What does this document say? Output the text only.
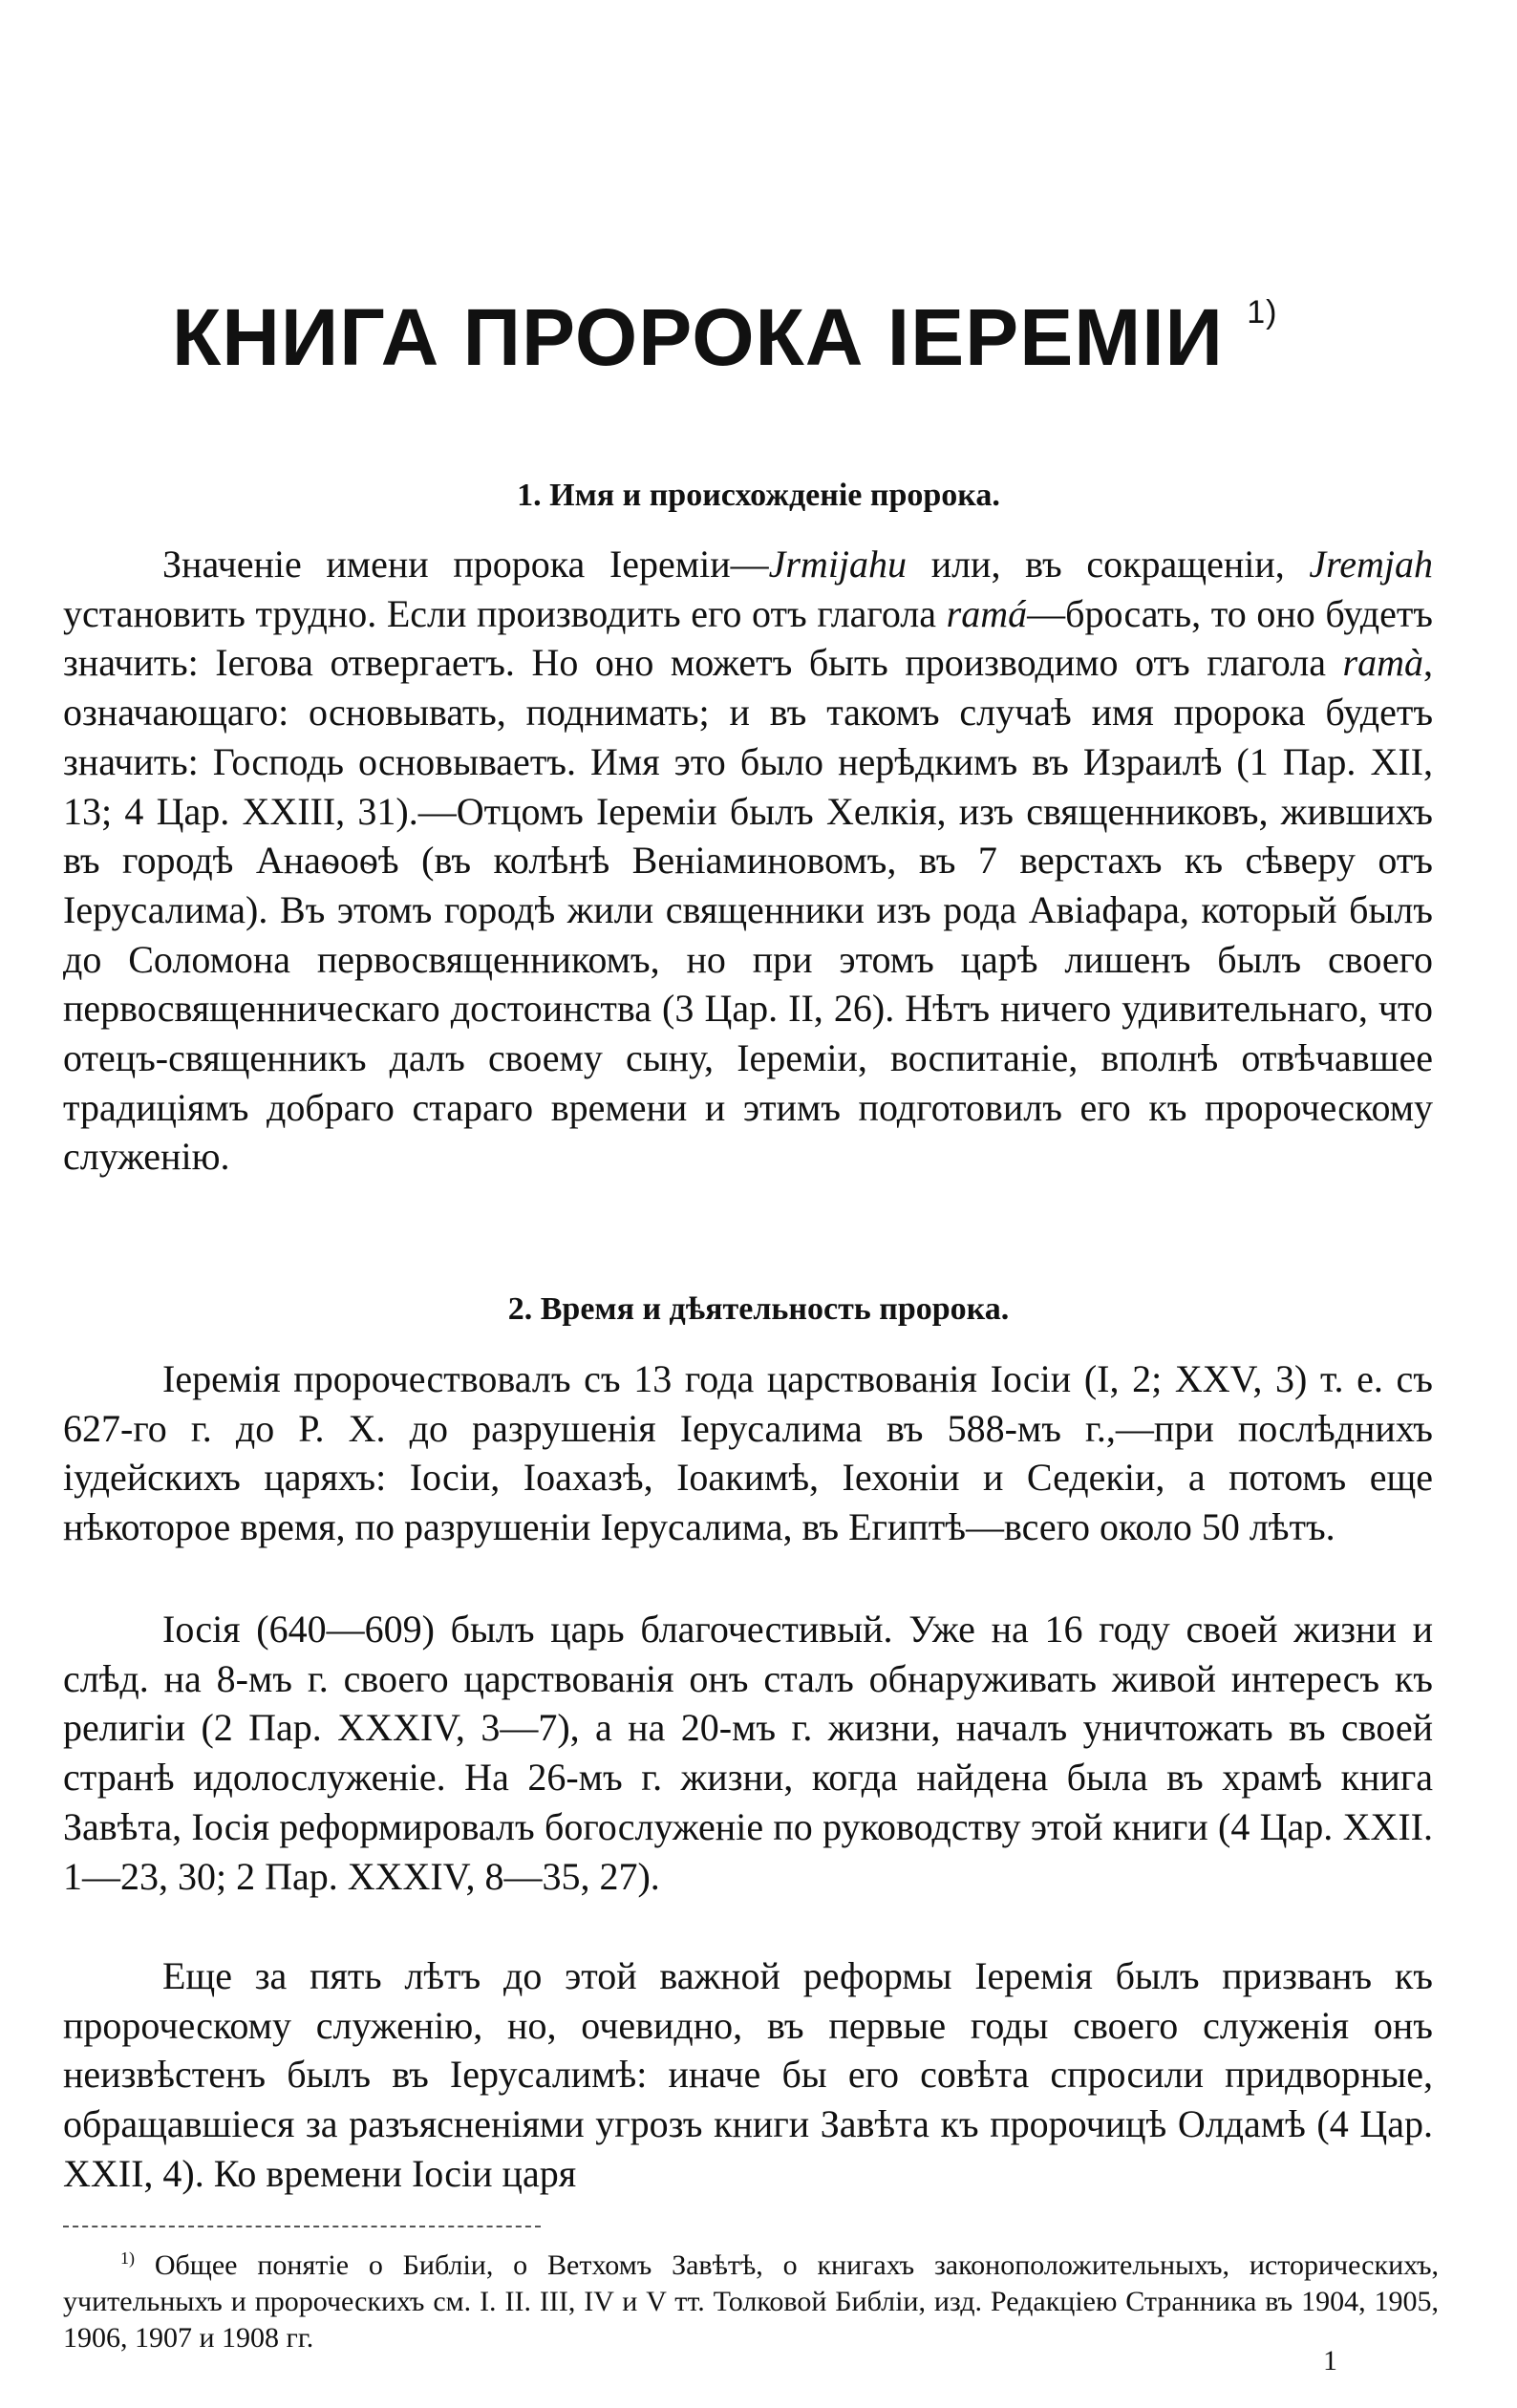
КНИГА ПРОРОКА ІЕРЕМІИ $^{1)}$
1. Имя и происхожденіе пророка.

Значеніе имени пророка Іереміи—Jrmijahu или, въ сокращеніи, Jremjah установить трудно. Если производить его отъ глагола ramá—бросать, то оно будетъ значить: Іегова отвергаетъ. Но оно можетъ быть производимо отъ глагола ramà, означающаго: основывать, поднимать; и въ такомъ случаѣ имя пророка будетъ значить: Господь основываетъ. Имя это было нерѣдкимъ въ Израилѣ (1 Пар. XII, 13; 4 Цар. XXIII, 31).—Отцомъ Іереміи былъ Хелкія, изъ священниковъ, жившихъ въ городѣ Анаѳоѳѣ (въ колѣнѣ Веніаминовомъ, въ 7 верстахъ къ сѣверу отъ Іерусалима). Въ этомъ городѣ жили священники изъ рода Авіафара, который былъ до Соломона первосвященникомъ, но при этомъ царѣ лишенъ былъ своего первосвященническаго достоинства (3 Цар. II, 26). Нѣтъ ничего удивительнаго, что отецъ-священникъ далъ своему сыну, Іереміи, воспитаніе, вполнѣ отвѣчавшее традиціямъ добраго стараго времени и этимъ подготовилъ его къ пророческому служенію.

2. Время и дѣятельность пророка.

Іеремія пророчествовалъ съ 13 года царствованія Іосіи (I, 2; XXV, 3) т. е. съ 627-го г. до Р. Х. до разрушенія Іерусалима въ 588-мъ г.,—при послѣднихъ іудейскихъ царяхъ: Іосіи, Іоахазѣ, Іоакимѣ, Іехоніи и Седекіи, а потомъ еще нѣкоторое время, по разрушеніи Іерусалима, въ Египтѣ—всего около 50 лѣтъ.

Іосія (640—609) былъ царь благочестивый. Уже на 16 году своей жизни и слѣд. на 8-мъ г. своего царствованія онъ сталъ обнаруживать живой интересъ къ религіи (2 Пар. XXXIV, 3—7), а на 20-мъ г. жизни, началъ уничтожать въ своей странѣ идолослуженіе. На 26-мъ г. жизни, когда найдена была въ храмѣ книга Завѣта, Іосія реформировалъ богослуженіе по руководству этой книги (4 Цар. XXII. 1—23, 30; 2 Пар. XXXIV, 8—35, 27).

Еще за пять лѣтъ до этой важной реформы Іеремія былъ призванъ къ пророческому служенію, но, очевидно, въ первые годы своего служенія онъ неизвѣстенъ былъ въ Іерусалимѣ: иначе бы его совѣта спросили придворные, обращавшіеся за разъясненіями угрозъ книги Завѣта къ пророчицѣ Олдамѣ (4 Цар. XXII, 4). Ко времени Іосіи царя

$^{1)}$ Общее понятіе о Библіи, о Ветхомъ Завѣтѣ, о книгахъ законоположительныхъ, историческихъ, учительныхъ и пророческихъ см. I. II. III, IV и V тт. Толковой Библіи, изд. Редакціею Странника въ 1904, 1905, 1906, 1907 и 1908 гг.

1
